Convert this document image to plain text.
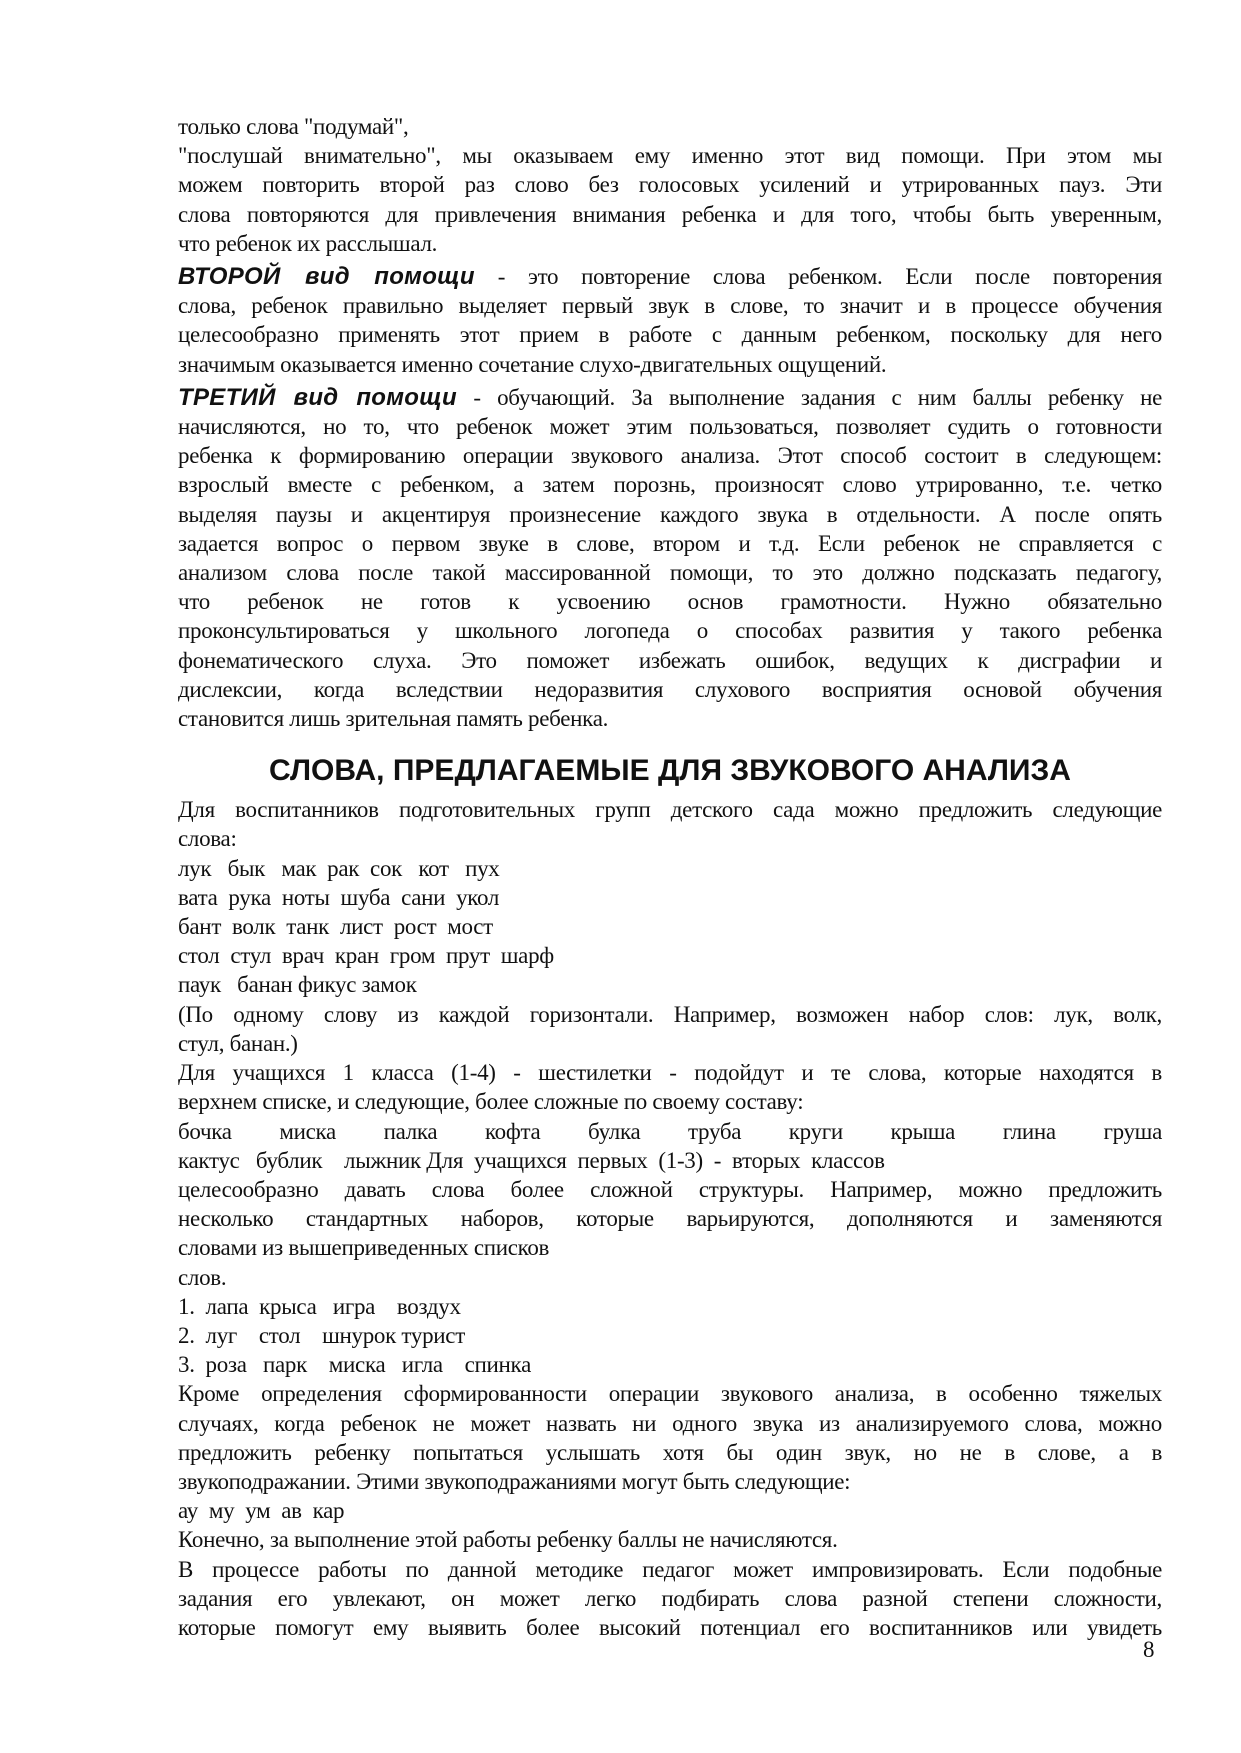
только слова "подумай",
"послушай внимательно", мы оказываем ему именно этот вид помощи. При этом мы
можем повторить второй раз слово без голосовых усилений и утрированных пауз. Эти
слова повторяются для привлечения внимания ребенка и для того, чтобы быть уверенным,
что ребенок их расслышал.
ВТОРОЙ вид помощи - это повторение слова ребенком. Если после повторения
слова, ребенок правильно выделяет первый звук в слове, то значит и в процессе обучения
целесообразно применять этот прием в работе с данным ребенком, поскольку для него
значимым оказывается именно сочетание слухо-двигательных ощущений.
ТРЕТИЙ вид помощи - обучающий. За выполнение задания с ним баллы ребенку не
начисляются, но то, что ребенок может этим пользоваться, позволяет судить о готовности
ребенка к формированию операции звукового анализа. Этот способ состоит в следующем:
взрослый вместе с ребенком, а затем порознь, произносят слово утрированно, т.е. четко
выделяя паузы и акцентируя произнесение каждого звука в отдельности. А после опять
задается вопрос о первом звуке в слове, втором и т.д. Если ребенок не справляется с
анализом слова после такой массированной помощи, то это должно подсказать педагогу,
что ребенок не готов к усвоению основ грамотности. Нужно обязательно
проконсультироваться у школьного логопеда о способах развития у такого ребенка
фонематического слуха. Это поможет избежать ошибок, ведущих к дисграфии и
дислексии, когда вследствии недоразвития слухового восприятия основой обучения
становится лишь зрительная память ребенка.
СЛОВА, ПРЕДЛАГАЕМЫЕ ДЛЯ ЗВУКОВОГО АНАЛИЗА
Для воспитанников подготовительных групп детского сада можно предложить следующие
слова:
лук   бык   мак  рак  сок   кот   пух
вата  рука  ноты  шуба  сани  укол
бант  волк  танк  лист  рост  мост
стол  стул  врач  кран  гром  прут  шарф
паук   банан фикус замок
(По одному слову из каждой горизонтали. Например, возможен набор слов: лук, волк,
стул, банан.)
Для учащихся 1 класса (1-4) - шестилетки - подойдут и те слова, которые находятся в
верхнем списке, и следующие, более сложные по своему составу:
бочка миска палка кофта булка труба круги крыша глина груша
кактус   бублик    лыжник Для  учащихся  первых  (1-3)  -  вторых  классов
целесообразно давать слова более сложной структуры. Например, можно предложить
несколько стандартных наборов, которые варьируются, дополняются и заменяются
словами из вышеприведенных списков
слов.
1.  лапа  крыса   игра    воздух
2.  луг    стол    шнурок турист
3.  роза   парк    миска   игла    спинка
Кроме определения сформированности операции звукового анализа, в особенно тяжелых
случаях, когда ребенок не может назвать ни одного звука из анализируемого слова, можно
предложить ребенку попытаться услышать хотя бы один звук, но не в слове, а в
звукоподражании. Этими звукоподражаниями могут быть следующие:
ау  му  ум  ав  кар
Конечно, за выполнение этой работы ребенку баллы не начисляются.
В процессе работы по данной методике педагог может импровизировать. Если подобные
задания его увлекают, он может легко подбирать слова разной степени сложности,
которые помогут ему выявить более высокий потенциал его воспитанников или увидеть
8
